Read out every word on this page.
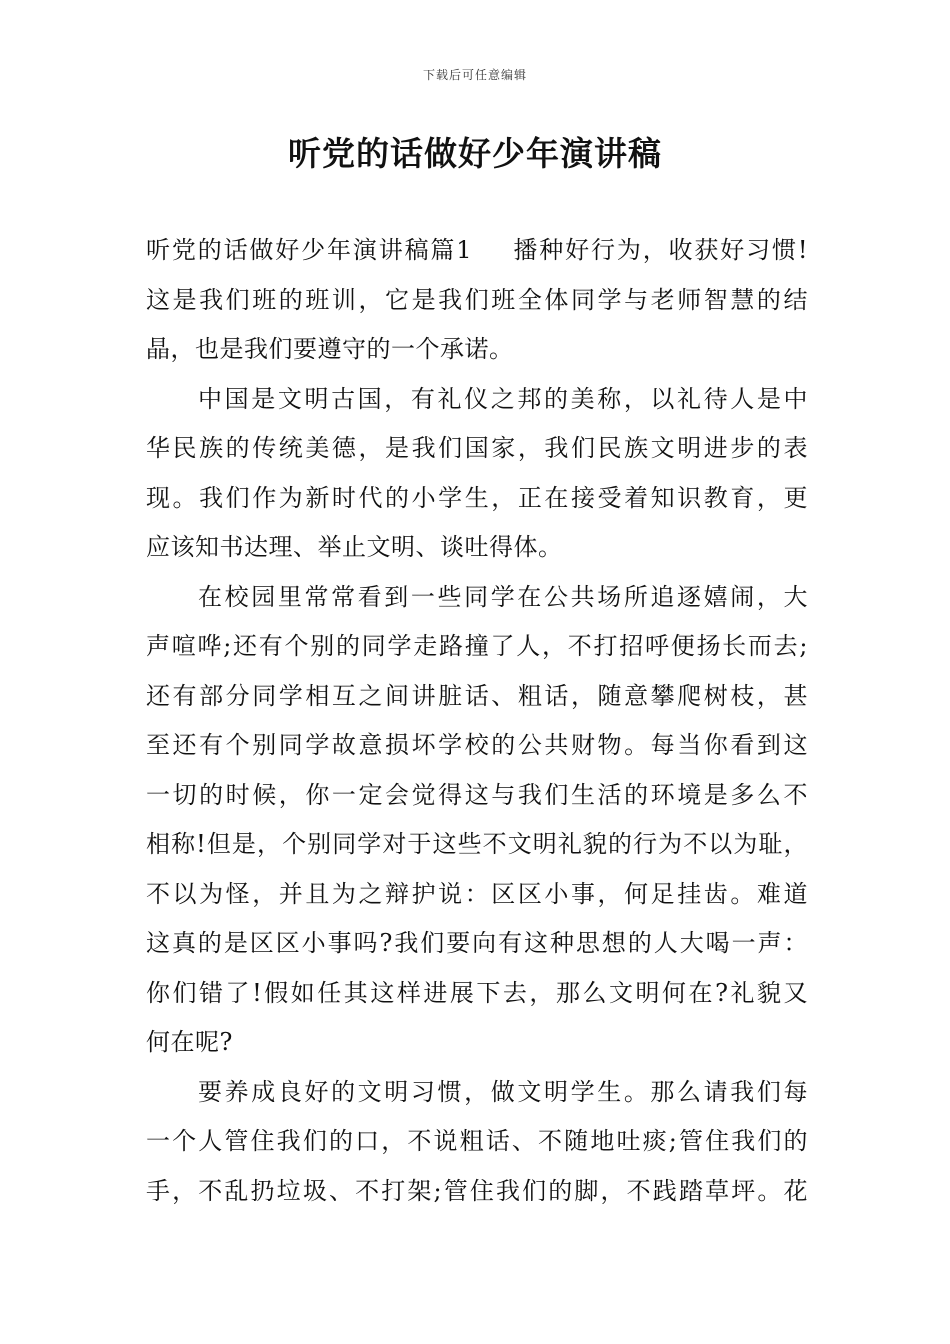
下载后可任意编辑
听党的话做好少年演讲稿
听党的话做好少年演讲稿篇1 播种好行为，收获好习惯!
这是我们班的班训，它是我们班全体同学与老师智慧的结
晶，也是我们要遵守的一个承诺。
中国是文明古国，有礼仪之邦的美称，以礼待人是中
华民族的传统美德，是我们国家，我们民族文明进步的表
现。我们作为新时代的小学生，正在接受着知识教育，更
应该知书达理、举止文明、谈吐得体。
在校园里常常看到一些同学在公共场所追逐嬉闹，大
声喧哗;还有个别的同学走路撞了人，不打招呼便扬长而去;
还有部分同学相互之间讲脏话、粗话，随意攀爬树枝，甚
至还有个别同学故意损坏学校的公共财物。每当你看到这
一切的时候，你一定会觉得这与我们生活的环境是多么不
相称!但是，个别同学对于这些不文明礼貌的行为不以为耻，
不以为怪，并且为之辩护说：区区小事，何足挂齿。难道
这真的是区区小事吗?我们要向有这种思想的人大喝一声：
你们错了!假如任其这样进展下去，那么文明何在?礼貌又
何在呢?
要养成良好的文明习惯，做文明学生。那么请我们每
一个人管住我们的口，不说粗话、不随地吐痰;管住我们的
手，不乱扔垃圾、不打架;管住我们的脚，不践踏草坪。花
